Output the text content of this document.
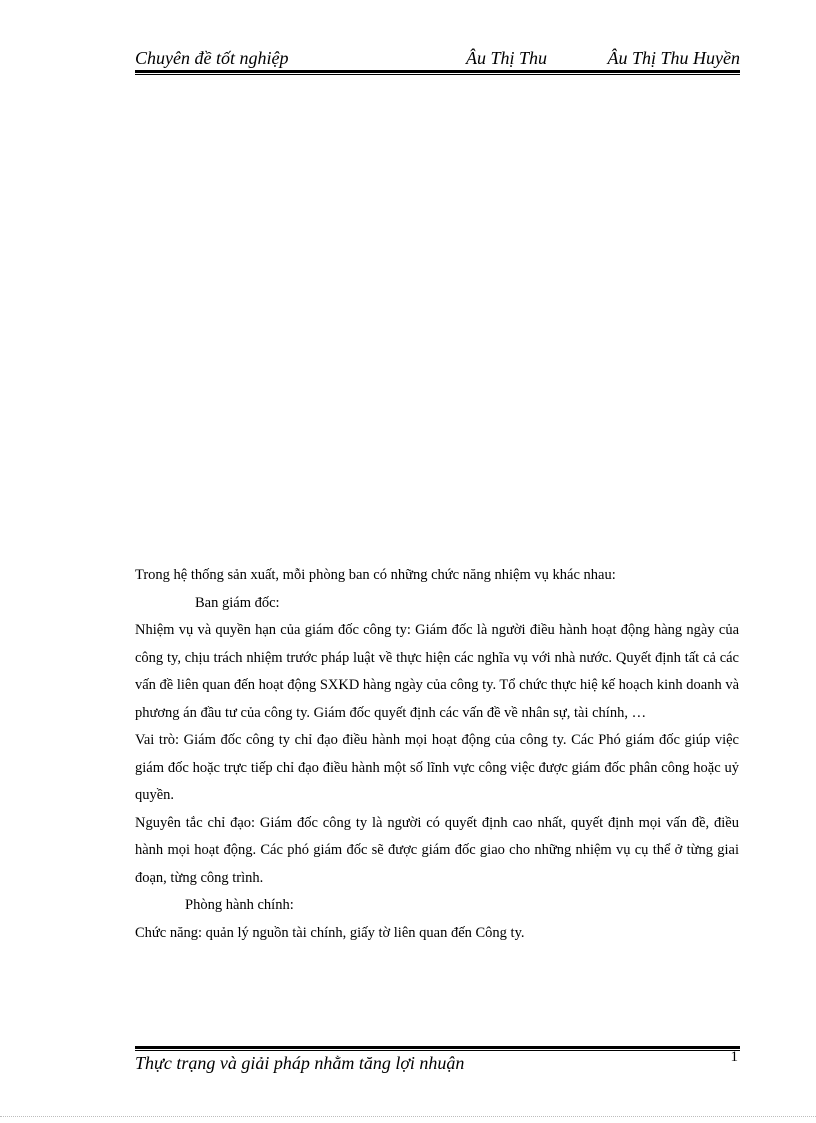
Chuyên đề tốt nghiệp	Âu Thị Thu	Âu Thị Thu Huyền

Trong hệ thống sản xuất, mỗi phòng ban có những chức năng nhiệm vụ khác nhau:

Ban giám đốc:

Nhiệm vụ và quyền hạn của giám đốc công ty: Giám đốc là người điều hành hoạt động hàng ngày của công ty, chịu trách nhiệm trước pháp luật về thực hiện các nghĩa vụ với nhà nước. Quyết định tất cả các vấn đề liên quan đến hoạt động SXKD hàng ngày của công ty. Tổ chức thực hiệ kế hoạch kinh doanh và phương án đầu tư của công ty. Giám đốc quyết định các vấn đề về nhân sự, tài chính, …

Vai trò: Giám đốc công ty chỉ đạo điều hành mọi hoạt động của công ty. Các Phó giám đốc giúp việc giám đốc hoặc trực tiếp chỉ đạo điều hành một số lĩnh vực công việc được giám đốc phân công hoặc uỷ quyền.

Nguyên tắc chỉ đạo: Giám đốc công ty là người có quyết định cao nhất, quyết định mọi vấn đề, điều hành mọi hoạt động. Các phó giám đốc sẽ được giám đốc giao cho những nhiệm vụ cụ thể ở từng giai đoạn, từng công trình.

Phòng hành chính:

Chức năng: quản lý nguồn tài chính, giấy tờ liên quan đến Công ty.

Thực trạng và giải pháp nhằm tăng lợi nhuận	1
